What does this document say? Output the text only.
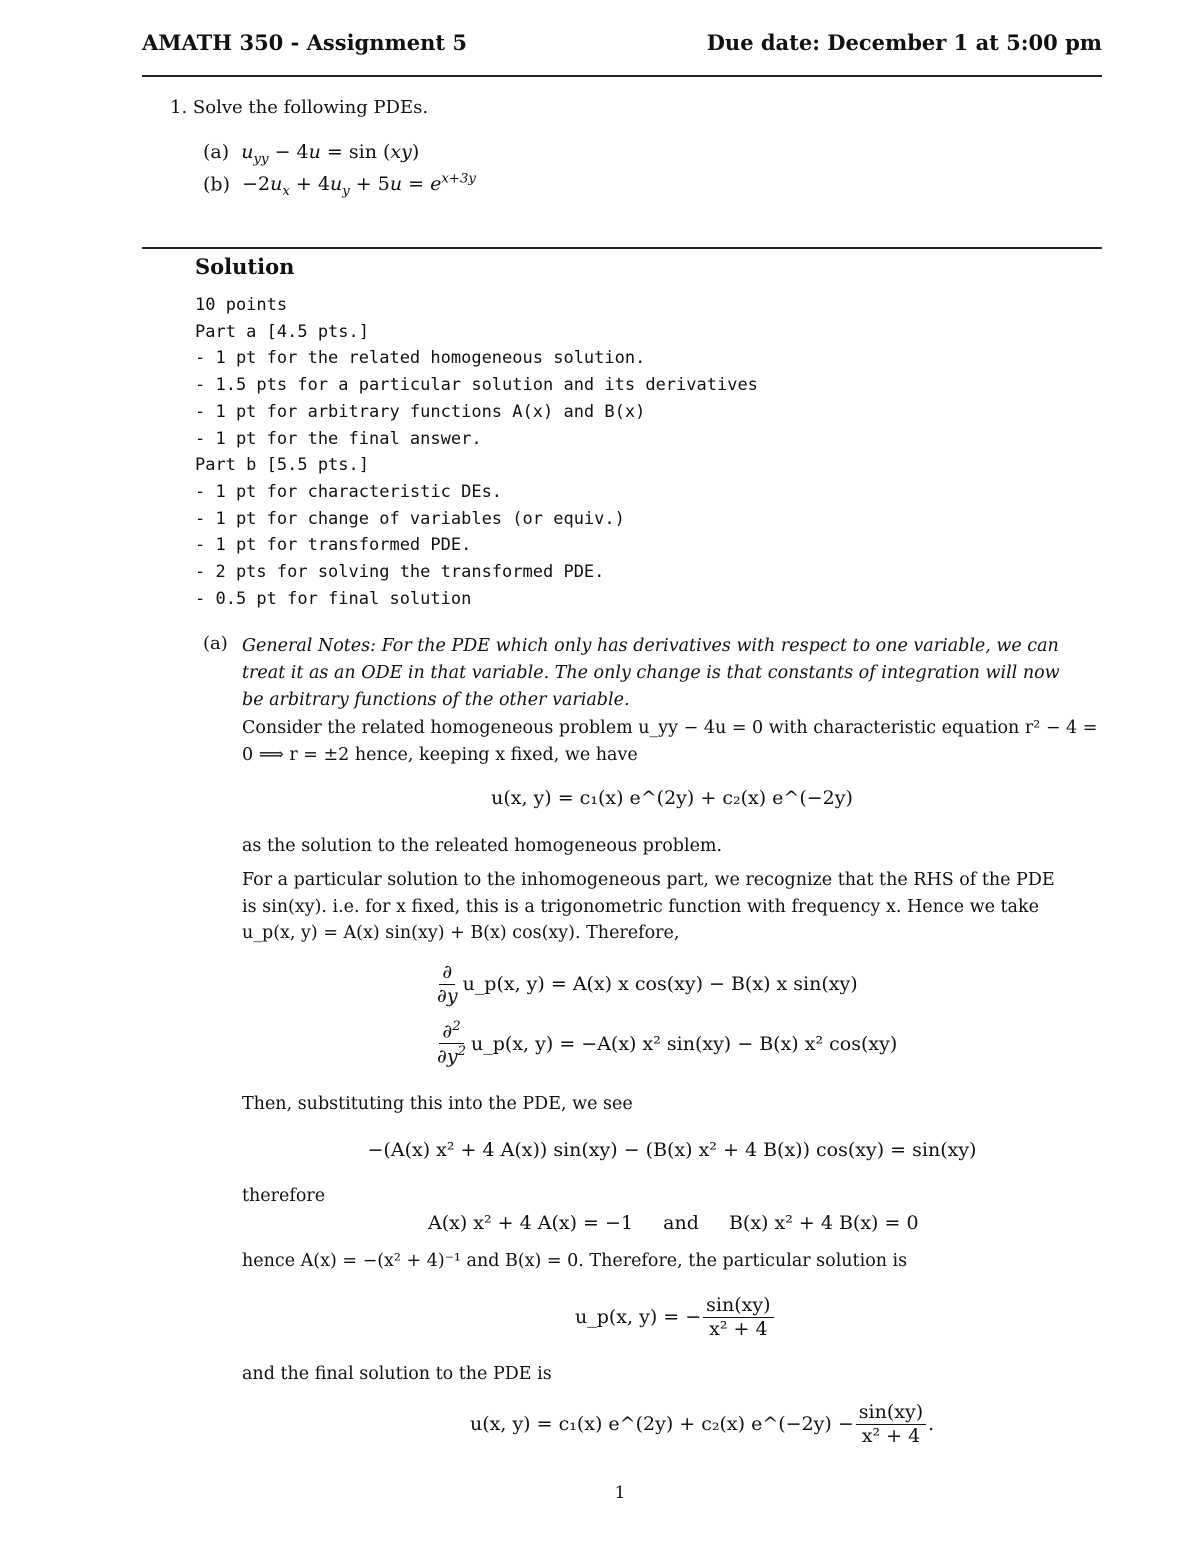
AMATH 350 - Assignment 5	Due date: December 1 at 5:00 pm
1. Solve the following PDEs.
(a) $u_{yy} - 4u = \sin (xy)$
$(b) -2u_x + 4u_y + 5u = e^{x+3y}$
Solution
10 points
Part a [4.5 pts.]
- 1 pt for the related homogeneous solution.
- 1.5 pts for a particular solution and its derivatives
- 1 pt for arbitrary functions A(x) and B(x)
- 1 pt for the final answer.
Part b [5.5 pts.]
- 1 pt for characteristic DEs.
- 1 pt for change of variables (or equiv.)
- 1 pt for transformed PDE.
- 2 pts for solving the transformed PDE.
- 0.5 pt for final solution
(a) General Notes: For the PDE which only has derivatives with respect to one variable, we can
treat it as an ODE in that variable. The only change is that constants of integration will now
be arbitrary functions of the other variable.
Consider the related homogeneous problem u_yy − 4u = 0 with characteristic equation r² − 4 =
0 ⟹ r = ±2 hence, keeping x fixed, we have
u(x, y) = c₁(x) e^(2y) + c₂(x) e^(−2y)
as the solution to the releated homogeneous problem.
For a particular solution to the inhomogeneous part, we recognize that the RHS of the PDE
is sin(xy). i.e. for x fixed, this is a trigonometric function with frequency x. Hence we take
u_p(x, y) = A(x) sin(xy) + B(x) cos(xy). Therefore,
$\frac{\partial}{\partial y}$ u_p(x, y) = A(x) x cos(xy) − B(x) x sin(xy)
$\frac{\partial^2}{\partial y^2}$ u_p(x, y) = −A(x) x² sin(xy) − B(x) x² cos(xy)
Then, substituting this into the PDE, we see
−(A(x) x² + 4 A(x)) sin(xy) − (B(x) x² + 4 B(x)) cos(xy) = sin(xy)
therefore
A(x) x² + 4 A(x) = −1 and B(x) x² + 4 B(x) = 0
hence A(x) = −(x² + 4)⁻¹ and B(x) = 0. Therefore, the particular solution is
u_p(x, y) = − $\frac{\sin(xy)}{\text{x² + 4}}$
and the final solution to the PDE is
u(x, y) = c₁(x) e^(2y) + c₂(x) e^(−2y) − $\frac{\sin(xy)}{\text{x² + 4}}$ .
1
